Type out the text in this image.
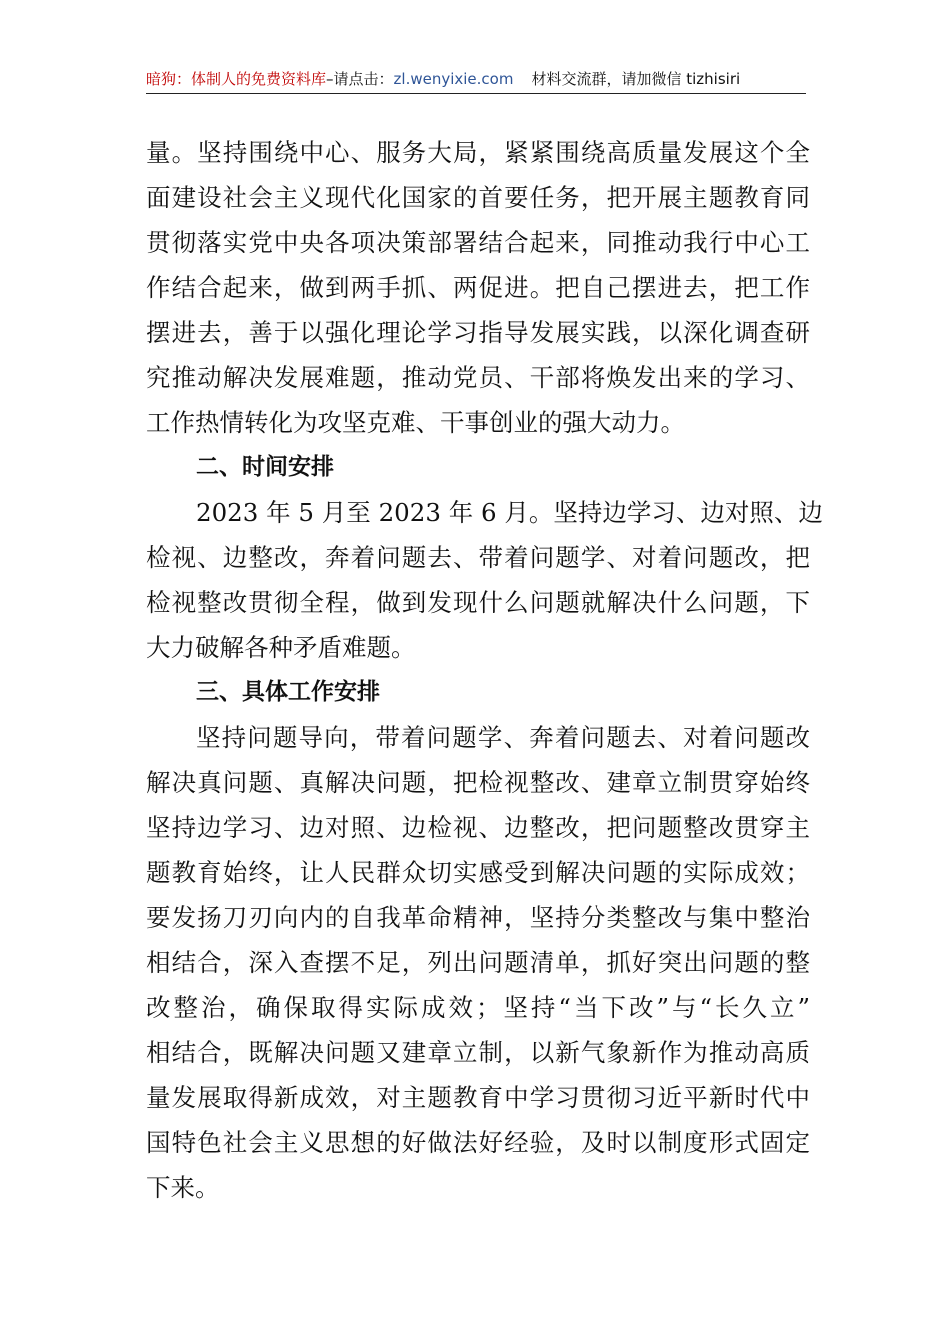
暗狗：体制人的免费资料库–请点击：zl.wenyixie.com 材料交流群，请加微信 tizhisiri
量。坚持围绕中心、服务大局，紧紧围绕高质量发展这个全
面建设社会主义现代化国家的首要任务，把开展主题教育同
贯彻落实党中央各项决策部署结合起来，同推动我行中心工
作结合起来，做到两手抓、两促进。把自己摆进去，把工作
摆进去，善于以强化理论学习指导发展实践，以深化调查研
究推动解决发展难题，推动党员、干部将焕发出来的学习、
工作热情转化为攻坚克难、干事创业的强大动力。
二、时间安排
2023 年 5 月至 2023 年 6 月。坚持边学习、边对照、边
检视、边整改，奔着问题去、带着问题学、对着问题改，把
检视整改贯彻全程，做到发现什么问题就解决什么问题，下
大力破解各种矛盾难题。
三、具体工作安排
坚持问题导向，带着问题学、奔着问题去、对着问题改
解决真问题、真解决问题，把检视整改、建章立制贯穿始终
坚持边学习、边对照、边检视、边整改，把问题整改贯穿主
题教育始终，让人民群众切实感受到解决问题的实际成效；
要发扬刀刃向内的自我革命精神，坚持分类整改与集中整治
相结合，深入查摆不足，列出问题清单，抓好突出问题的整
改整治，确保取得实际成效；坚持“当下改”与“长久立”
相结合，既解决问题又建章立制，以新气象新作为推动高质
量发展取得新成效，对主题教育中学习贯彻习近平新时代中
国特色社会主义思想的好做法好经验，及时以制度形式固定
下来。
